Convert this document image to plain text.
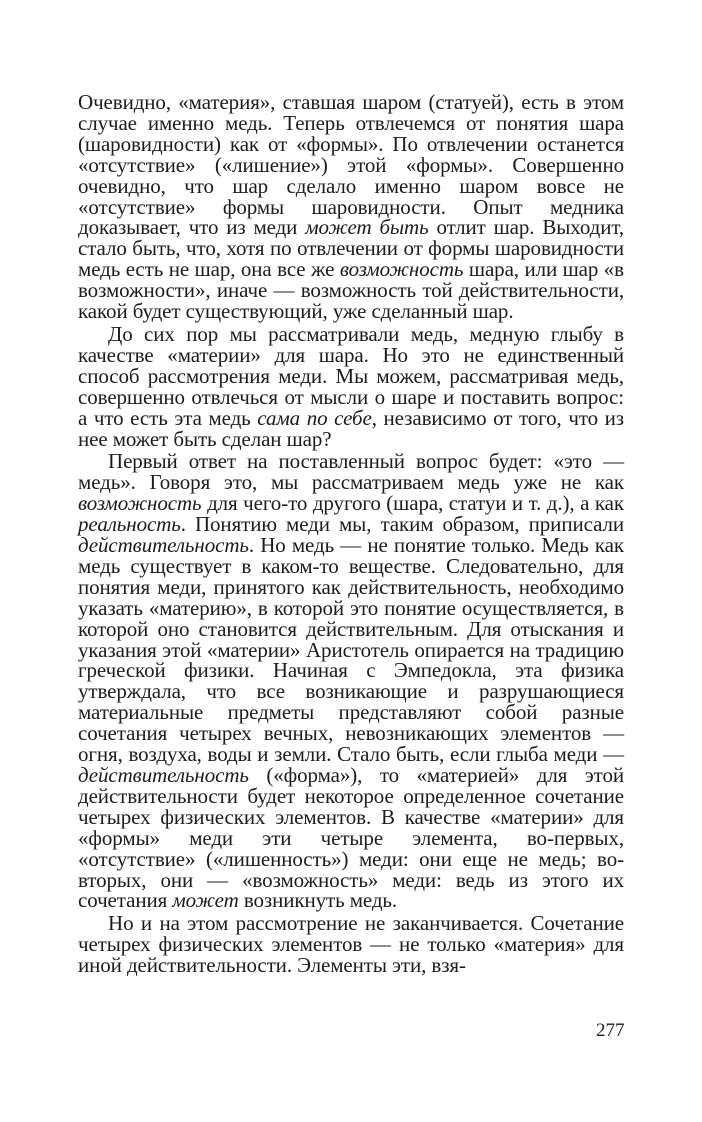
Очевидно, «материя», ставшая шаром (статуей), есть в этом случае именно медь. Теперь отвлечемся от понятия шара (шаровидности) как от «формы». По отвлечении останется «отсутствие» («лишение») этой «формы». Совершенно очевидно, что шар сделало именно шаром вовсе не «отсутствие» формы шаровидности. Опыт медника доказывает, что из меди может быть отлит шар. Выходит, стало быть, что, хотя по отвлечении от формы шаровидности медь есть не шар, она все же возможность шара, или шар «в возможности», иначе — возможность той действительности, какой будет существующий, уже сделанный шар.

До сих пор мы рассматривали медь, медную глыбу в качестве «материи» для шара. Но это не единственный способ рассмотрения меди. Мы можем, рассматривая медь, совершенно отвлечься от мысли о шаре и поставить вопрос: а что есть эта медь сама по себе, независимо от того, что из нее может быть сделан шар?

Первый ответ на поставленный вопрос будет: «это — медь». Говоря это, мы рассматриваем медь уже не как возможность для чего-то другого (шара, статуи и т. д.), а как реальность. Понятию меди мы, таким образом, приписали действительность. Но медь — не понятие только. Медь как медь существует в каком-то веществе. Следовательно, для понятия меди, принятого как действительность, необходимо указать «материю», в которой это понятие осуществляется, в которой оно становится действительным. Для отыскания и указания этой «материи» Аристотель опирается на традицию греческой физики. Начиная с Эмпедокла, эта физика утверждала, что все возникающие и разрушающиеся материальные предметы представляют собой разные сочетания четырех вечных, невозникающих элементов — огня, воздуха, воды и земли. Стало быть, если глыба меди — действительность («форма»), то «материей» для этой действительности будет некоторое определенное сочетание четырех физических элементов. В качестве «материи» для «формы» меди эти четыре элемента, во-первых, «отсутствие» («лишенность») меди: они еще не медь; во-вторых, они — «возможность» меди: ведь из этого их сочетания может возникнуть медь.

Но и на этом рассмотрение не заканчивается. Сочетание четырех физических элементов — не только «материя» для иной действительности. Элементы эти, взя-

277
